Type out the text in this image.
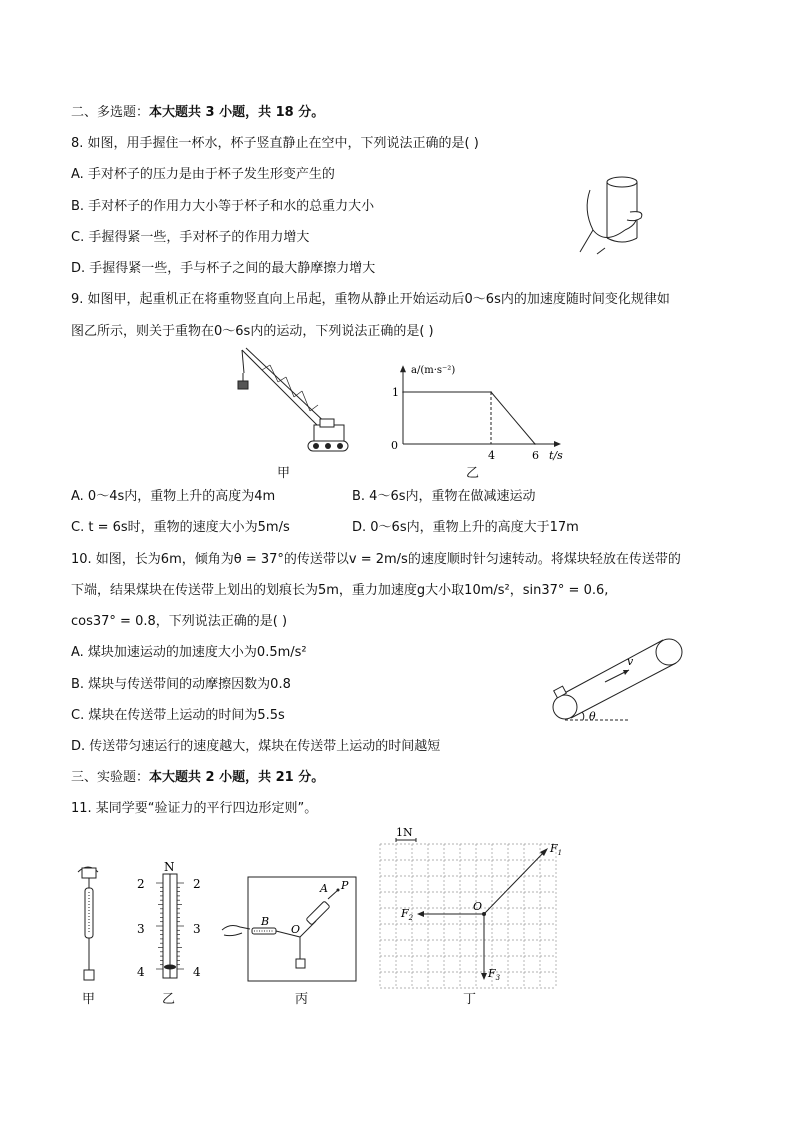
二、多选题：本大题共 3 小题，共 18 分。
8. 如图，用手握住一杯水，杯子竖直静止在空中，下列说法正确的是( )
A. 手对杯子的压力是由于杯子发生形变产生的
B. 手对杯子的作用力大小等于杯子和水的总重力大小
C. 手握得紧一些，手对杯子的作用力增大
D. 手握得紧一些，手与杯子之间的最大静摩擦力增大
9. 如图甲，起重机正在将重物竖直向上吊起，重物从静止开始运动后0～6s内的加速度随时间变化规律如
图乙所示，则关于重物在0～6s内的运动，下列说法正确的是( )
甲
a/(m·s⁻²)
t/s
1
0
4	6
乙
A. 0～4s内，重物上升的高度为4m	B. 4～6s内，重物在做减速运动
C. t = 6s时，重物的速度大小为5m/s	D. 0～6s内，重物上升的高度大于17m
10. 如图，长为6m，倾角为θ = 37°的传送带以v = 2m/s的速度顺时针匀速转动。将煤块轻放在传送带的
下端，结果煤块在传送带上划出的划痕长为5m，重力加速度g大小取10m/s²，sin37° = 0.6,
cos37° = 0.8，下列说法正确的是( )
A. 煤块加速运动的加速度大小为0.5m/s²
B. 煤块与传送带间的动摩擦因数为0.8
C. 煤块在传送带上运动的时间为5.5s
D. 传送带匀速运行的速度越大，煤块在传送带上运动的时间越短
v
θ
三、实验题：本大题共 2 小题，共 21 分。
11. 某同学要“验证力的平行四边形定则”。
甲
N
2	2
3	3
4	4
乙
B
O
A P
丙
1N
O
$F_1$
$F_2$
$F_3$
丁
